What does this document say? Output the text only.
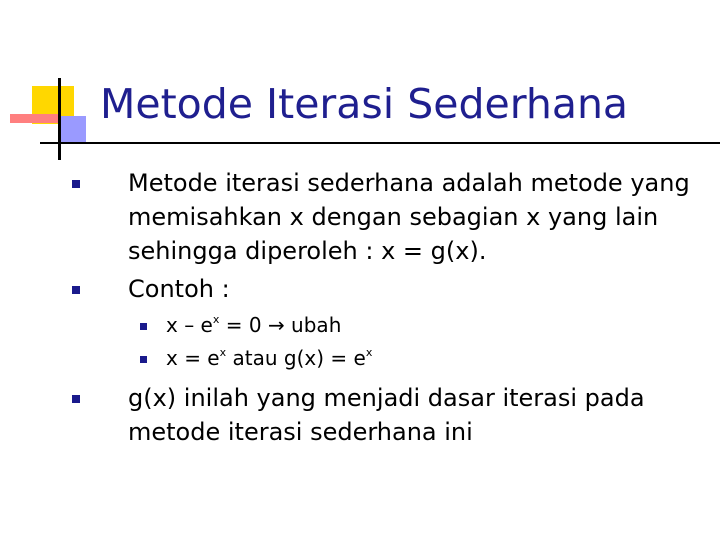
Metode Iterasi Sederhana
Metode iterasi sederhana adalah metode yang
memisahkan x dengan sebagian x yang lain
sehingga diperoleh : x = g(x).
Contoh :
$x - e^x = 0$ → ubah
$x = e^x$ atau $g(x) = e^x$
g(x) inilah yang menjadi dasar iterasi pada
metode iterasi sederhana ini
